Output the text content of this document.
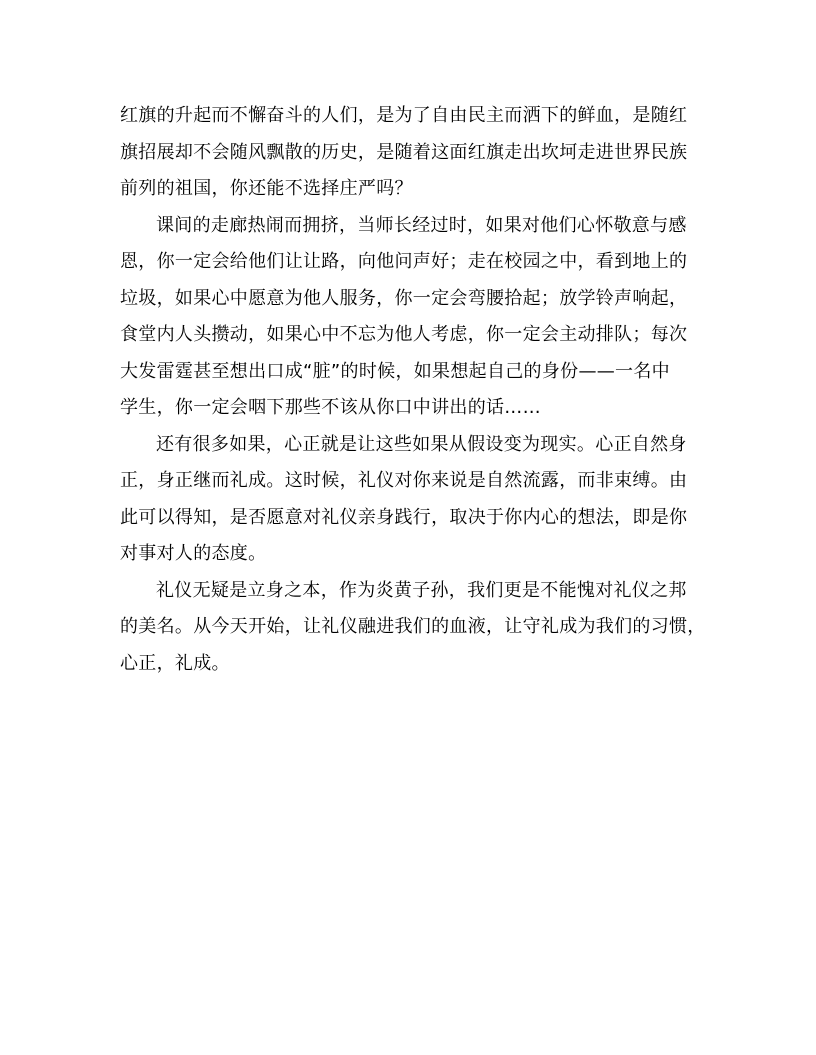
红旗的升起而不懈奋斗的人们，是为了自由民主而洒下的鲜血，是随红
旗招展却不会随风飘散的历史，是随着这面红旗走出坎坷走进世界民族
前列的祖国，你还能不选择庄严吗？
课间的走廊热闹而拥挤，当师长经过时，如果对他们心怀敬意与感
恩，你一定会给他们让让路，向他问声好；走在校园之中，看到地上的
垃圾，如果心中愿意为他人服务，你一定会弯腰拾起；放学铃声响起，
食堂内人头攒动，如果心中不忘为他人考虑，你一定会主动排队；每次
大发雷霆甚至想出口成“脏”的时候，如果想起自己的身份——一名中
学生，你一定会咽下那些不该从你口中讲出的话……
还有很多如果，心正就是让这些如果从假设变为现实。心正自然身
正，身正继而礼成。这时候，礼仪对你来说是自然流露，而非束缚。由
此可以得知，是否愿意对礼仪亲身践行，取决于你内心的想法，即是你
对事对人的态度。
礼仪无疑是立身之本，作为炎黄子孙，我们更是不能愧对礼仪之邦
的美名。从今天开始，让礼仪融进我们的血液，让守礼成为我们的习惯，
心正，礼成。
